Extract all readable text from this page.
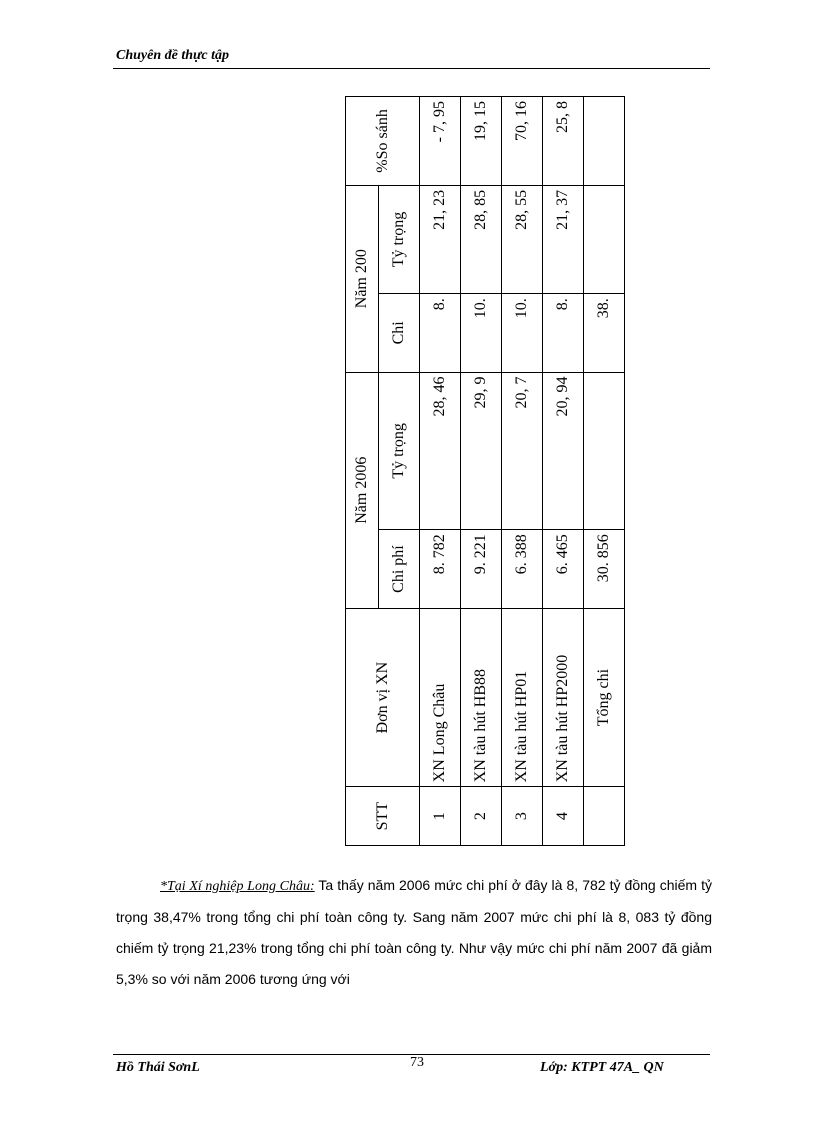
Chuyên đề thực tập
STT	Đơn vị XN	Năm 2006		Năm 200		%So sánh
		Chi phí	Tỷ trọng	Chi	Tỷ trọng	
1	XN Long Châu	8. 782	28, 46	8.	21, 23	- 7, 95
2	XN tàu hút HB88	9. 221	29, 9	10.	28, 85	19, 15
3	XN tàu hút HP01	6. 388	20, 7	10.	28, 55	70, 16
4	XN tàu hút HP2000	6. 465	20, 94	8.	21, 37	25, 8
	Tổng chi	30. 856		38.		

*Tại Xí nghiệp Long Châu: Ta thấy năm 2006 mức chi phí ở đây là 8, 782 tỷ đồng chiếm tỷ trọng 38,47% trong tổng chi phí toàn công ty. Sang năm 2007 mức chi phí là 8, 083 tỷ đồng chiếm tỷ trọng 21,23% trong tổng chi phí toàn công ty. Như vậy mức chi phí năm 2007 đã giảm 5,3% so với năm 2006 tương ứng với

Hồ Thái SơnL	73	Lớp: KTPT 47A_ QN
